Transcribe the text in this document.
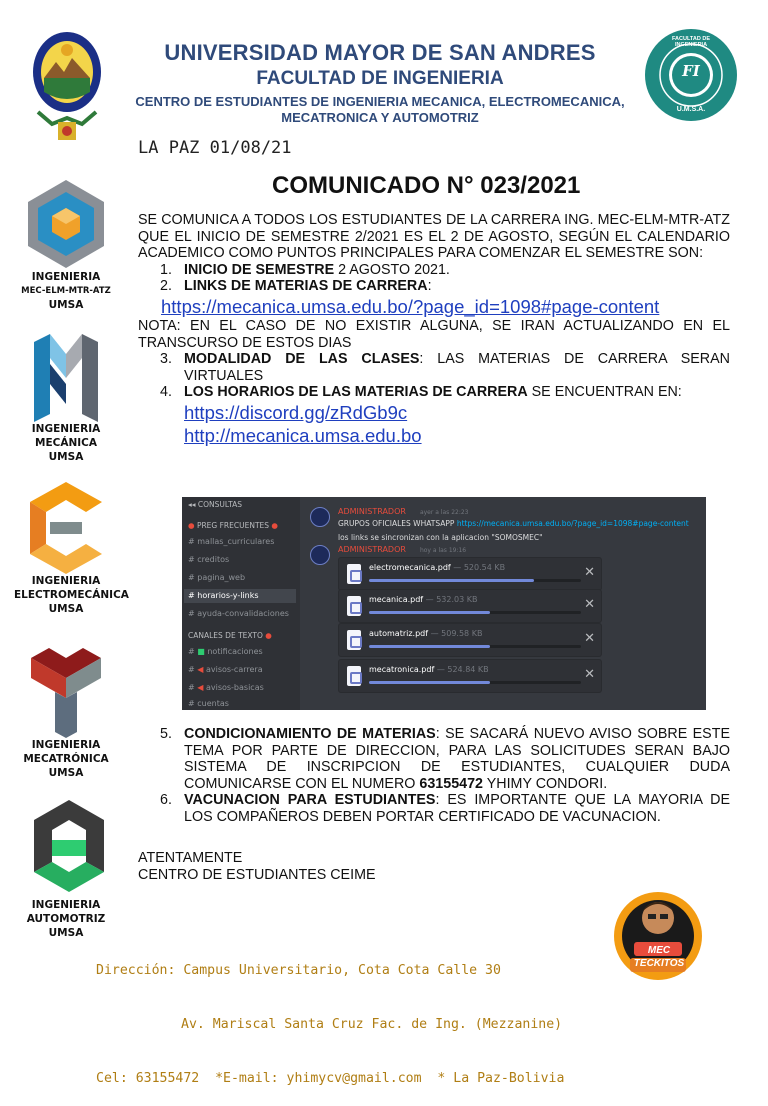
FI
FACULTAD DE INGENIERIA
U.M.S.A.
UNIVERSIDAD MAYOR DE SAN ANDRES
FACULTAD DE INGENIERIA
CENTRO DE ESTUDIANTES DE INGENIERIA MECANICA, ELECTROMECANICA, MECATRONICA Y AUTOMOTRIZ
LA PAZ 01/08/21
COMUNICADO N° 023/2021
INGENIERIA
MEC-ELM-MTR-ATZ
UMSA
INGENIERIA
MECÁNICA
UMSA
INGENIERIA
ELECTROMECÁNICA
UMSA
INGENIERIA
MECATRÓNICA
UMSA
INGENIERIA
AUTOMOTRIZ
UMSA

SE COMUNICA A TODOS LOS ESTUDIANTES DE LA CARRERA ING. MEC-ELM-MTR-ATZ QUE EL INICIO DE SEMESTRE 2/2021 ES EL 2 DE AGOSTO, SEGÚN EL CALENDARIO ACADEMICO COMO PUNTOS PRINCIPALES PARA COMENZAR EL SEMESTRE SON:

1. INICIO DE SEMESTRE 2 AGOSTO 2021.
2. LINKS DE MATERIAS DE CARRERA:
https://mecanica.umsa.edu.bo/?page_id=1098#page-content

NOTA: EN EL CASO DE NO EXISTIR ALGUNA, SE IRAN ACTUALIZANDO EN EL TRANSCURSO DE ESTOS DIAS

3. MODALIDAD DE LAS CLASES: LAS MATERIAS DE CARRERA SERAN VIRTUALES
4. LOS HORARIOS DE LAS MATERIAS DE CARRERA SE ENCUENTRAN EN:
https://discord.gg/zRdGb9c
http://mecanica.umsa.edu.bo
◂◂ CONSULTAS
● PREG FRECUENTES ●
# mallas_curriculares
# creditos
# pagina_web
# horarios-y-links
# ayuda-convalidaciones
CANALES DE TEXTO ●
# ■ notificaciones
# ◀ avisos-carrera
# ◀ avisos-basicas
# cuentas
ADMINISTRADOR ayer a las 22:23
GRUPOS OFICIALES WHATSAPP https://mecanica.umsa.edu.bo/?page_id=1098#page-content
los links se sincronizan con la aplicacion "SOMOSMEC"
ADMINISTRADOR hoy a las 19:16
electromecanica.pdf — 520.54 KB	✕
mecanica.pdf — 532.03 KB	✕
automatriz.pdf — 509.58 KB	✕
mecatronica.pdf — 524.84 KB	✕
5. CONDICIONAMIENTO DE MATERIAS: SE SACARÁ NUEVO AVISO SOBRE ESTE TEMA POR PARTE DE DIRECCION, PARA LAS SOLICITUDES SERAN BAJO SISTEMA DE INSCRIPCION DE ESTUDIANTES, CUALQUIER DUDA COMUNICARSE CON EL NUMERO 63155472 YHIMY CONDORI.
6. VACUNACION PARA ESTUDIANTES: ES IMPORTANTE QUE LA MAYORIA DE LOS COMPAÑEROS DEBEN PORTAR CERTIFICADO DE VACUNACION.
ATENTAMENTE
CENTRO DE ESTUDIANTES CEIME

Dirección: Campus Universitario, Cota Cota Calle 30

Av. Mariscal Santa Cruz Fac. de Ing. (Mezzanine)

Cel: 63155472  *E-mail: yhimycv@gmail.com  * La Paz-Bolivia

MEC TECKITOS
